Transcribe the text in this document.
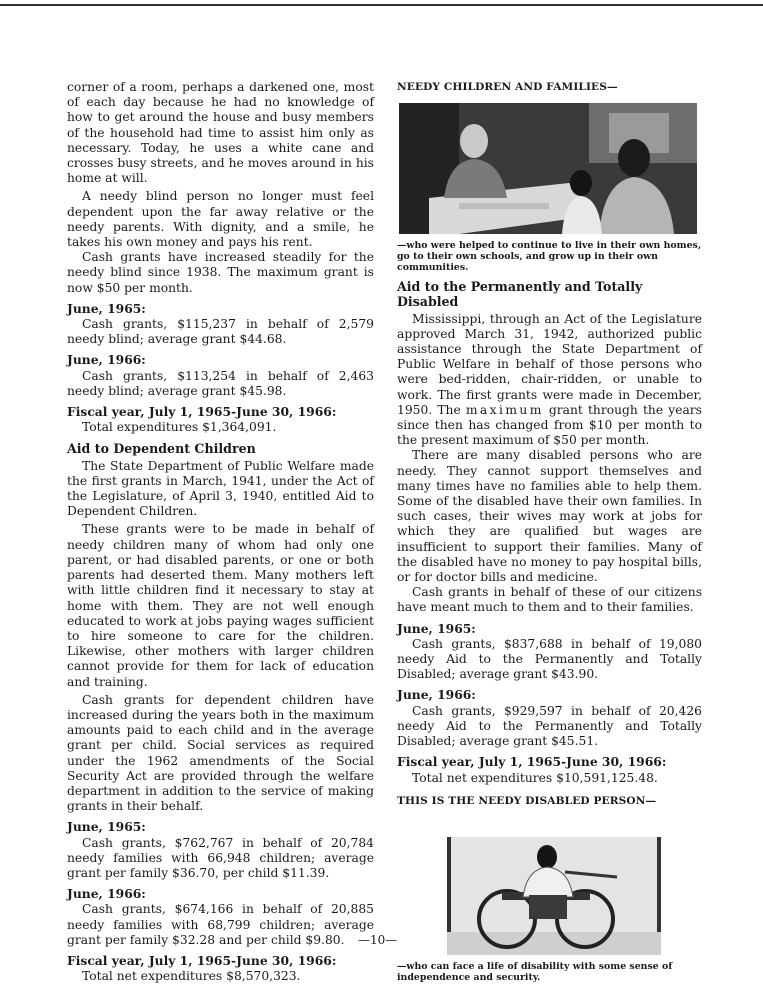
corner of a room, perhaps a darkened one, most of each day because he had no knowledge of how to get around the house and busy members of the household had time to assist him only as necessary. Today, he uses a white cane and crosses busy streets, and he moves around in his home at will.

A needy blind person no longer must feel dependent upon the far away relative or the needy parents. With dignity, and a smile, he takes his own money and pays his rent.

Cash grants have increased steadily for the needy blind since 1938. The maximum grant is now $50 per month.

June, 1965:

Cash grants, $115,237 in behalf of 2,579 needy blind; average grant $44.68.

June, 1966:

Cash grants, $113,254 in behalf of 2,463 needy blind; average grant $45.98.

Fiscal year, July 1, 1965-June 30, 1966:

Total expenditures $1,364,091.

Aid to Dependent Children

The State Department of Public Welfare made the first grants in March, 1941, under the Act of the Legislature, of April 3, 1940, entitled Aid to Dependent Children.

These grants were to be made in behalf of needy children many of whom had only one parent, or had disabled parents, or one or both parents had deserted them. Many mothers left with little children find it necessary to stay at home with them. They are not well enough educated to work at jobs paying wages sufficient to hire someone to care for the children. Likewise, other mothers with larger children cannot provide for them for lack of education and training.

Cash grants for dependent children have increased during the years both in the maximum amounts paid to each child and in the average grant per child. Social services as required under the 1962 amendments of the Social Security Act are provided through the welfare department in addition to the service of making grants in their behalf.

June, 1965:

Cash grants, $762,767 in behalf of 20,784 needy families with 66,948 children; average grant per family $36.70, per child $11.39.

June, 1966:

Cash grants, $674,166 in behalf of 20,885 needy families with 68,799 children; average grant per family $32.28 and per child $9.80.

Fiscal year, July 1, 1965-June 30, 1966:

Total net expenditures $8,570,323.

NEEDY CHILDREN AND FAMILIES—
—who were helped to continue to live in their own homes, go to their own schools, and grow up in their own communities.
Aid to the Permanently and Totally Disabled

Mississippi, through an Act of the Legislature approved March 31, 1942, authorized public assistance through the State Department of Public Welfare in behalf of those persons who were bed-ridden, chair-ridden, or unable to work. The first grants were made in December, 1950. The maximum grant through the years since then has changed from $10 per month to the present maximum of $50 per month.

There are many disabled persons who are needy. They cannot support themselves and many times have no families able to help them. Some of the disabled have their own families. In such cases, their wives may work at jobs for which they are qualified but wages are insufficient to support their families. Many of the disabled have no money to pay hospital bills, or for doctor bills and medicine.

Cash grants in behalf of these of our citizens have meant much to them and to their families.

June, 1965:

Cash grants, $837,688 in behalf of 19,080 needy Aid to the Permanently and Totally Disabled; average grant $43.90.

June, 1966:

Cash grants, $929,597 in behalf of 20,426 needy Aid to the Permanently and Totally Disabled; average grant $45.51.

Fiscal year, July 1, 1965-June 30, 1966:

Total net expenditures $10,591,125.48.

THIS IS THE NEEDY DISABLED PERSON—
—who can face a life of disability with some sense of independence and security.
—10—
